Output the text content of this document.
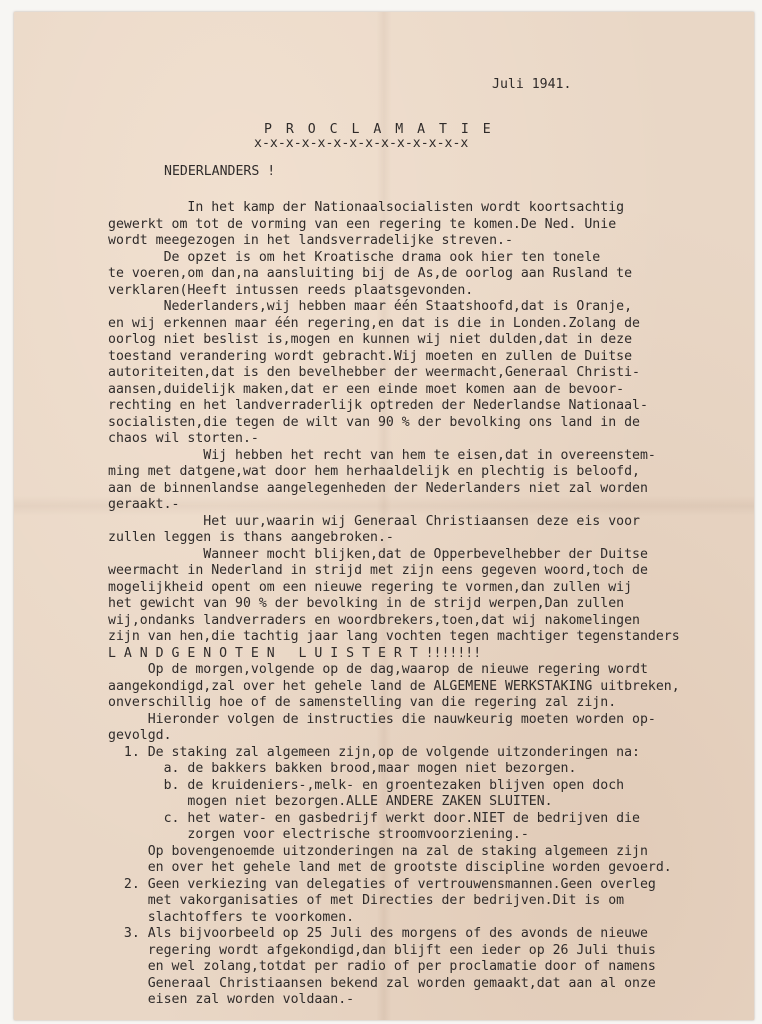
Juli 1941.
P R O C L A M A T I E
x-x-x-x-x-x-x-x-x-x-x-x-x-x
NEDERLANDERS !
In het kamp der Nationaalsocialisten wordt koortsachtig
gewerkt om tot de vorming van een regering te komen.De Ned. Unie
wordt meegezogen in het landsverradelijke streven.-
De opzet is om het Kroatische drama ook hier ten tonele
te voeren,om dan,na aansluiting bij de As,de oorlog aan Rusland te
verklaren(Heeft intussen reeds plaatsgevonden.
Nederlanders,wij hebben maar één Staatshoofd,dat is Oranje,
en wij erkennen maar één regering,en dat is die in Londen.Zolang de
oorlog niet beslist is,mogen en kunnen wij niet dulden,dat in deze
toestand verandering wordt gebracht.Wij moeten en zullen de Duitse
autoriteiten,dat is den bevelhebber der weermacht,Generaal Christi-
aansen,duidelijk maken,dat er een einde moet komen aan de bevoor-
rechting en het landverraderlijk optreden der Nederlandse Nationaal-
socialisten,die tegen de wilt van 90 % der bevolking ons land in de
chaos wil storten.-
Wij hebben het recht van hem te eisen,dat in overeenstem-
ming met datgene,wat door hem herhaaldelijk en plechtig is beloofd,
aan de binnenlandse aangelegenheden der Nederlanders niet zal worden
geraakt.-
Het uur,waarin wij Generaal Christiaansen deze eis voor
zullen leggen is thans aangebroken.-
Wanneer mocht blijken,dat de Opperbevelhebber der Duitse
weermacht in Nederland in strijd met zijn eens gegeven woord,toch de
mogelijkheid opent om een nieuwe regering te vormen,dan zullen wij
het gewicht van 90 % der bevolking in de strijd werpen,Dan zullen
wij,ondanks landverraders en woordbrekers,toen,dat wij nakomelingen
zijn van hen,die tachtig jaar lang vochten tegen machtiger tegenstanders
L A N D G E N O T E N   L U I S T E R T !!!!!!!
Op de morgen,volgende op de dag,waarop de nieuwe regering wordt
aangekondigd,zal over het gehele land de ALGEMENE WERKSTAKING uitbreken,
onverschillig hoe of de samenstelling van die regering zal zijn.
Hieronder volgen de instructies die nauwkeurig moeten worden op-
gevolgd.
1. De staking zal algemeen zijn,op de volgende uitzonderingen na:
a. de bakkers bakken brood,maar mogen niet bezorgen.
b. de kruideniers-,melk- en groentezaken blijven open doch
mogen niet bezorgen.ALLE ANDERE ZAKEN SLUITEN.
c. het water- en gasbedrijf werkt door.NIET de bedrijven die
zorgen voor electrische stroomvoorziening.-
Op bovengenoemde uitzonderingen na zal de staking algemeen zijn
en over het gehele land met de grootste discipline worden gevoerd.
2. Geen verkiezing van delegaties of vertrouwensmannen.Geen overleg
met vakorganisaties of met Directies der bedrijven.Dit is om
slachtoffers te voorkomen.
3. Als bijvoorbeeld op 25 Juli des morgens of des avonds de nieuwe
regering wordt afgekondigd,dan blijft een ieder op 26 Juli thuis
en wel zolang,totdat per radio of per proclamatie door of namens
Generaal Christiaansen bekend zal worden gemaakt,dat aan al onze
eisen zal worden voldaan.-
